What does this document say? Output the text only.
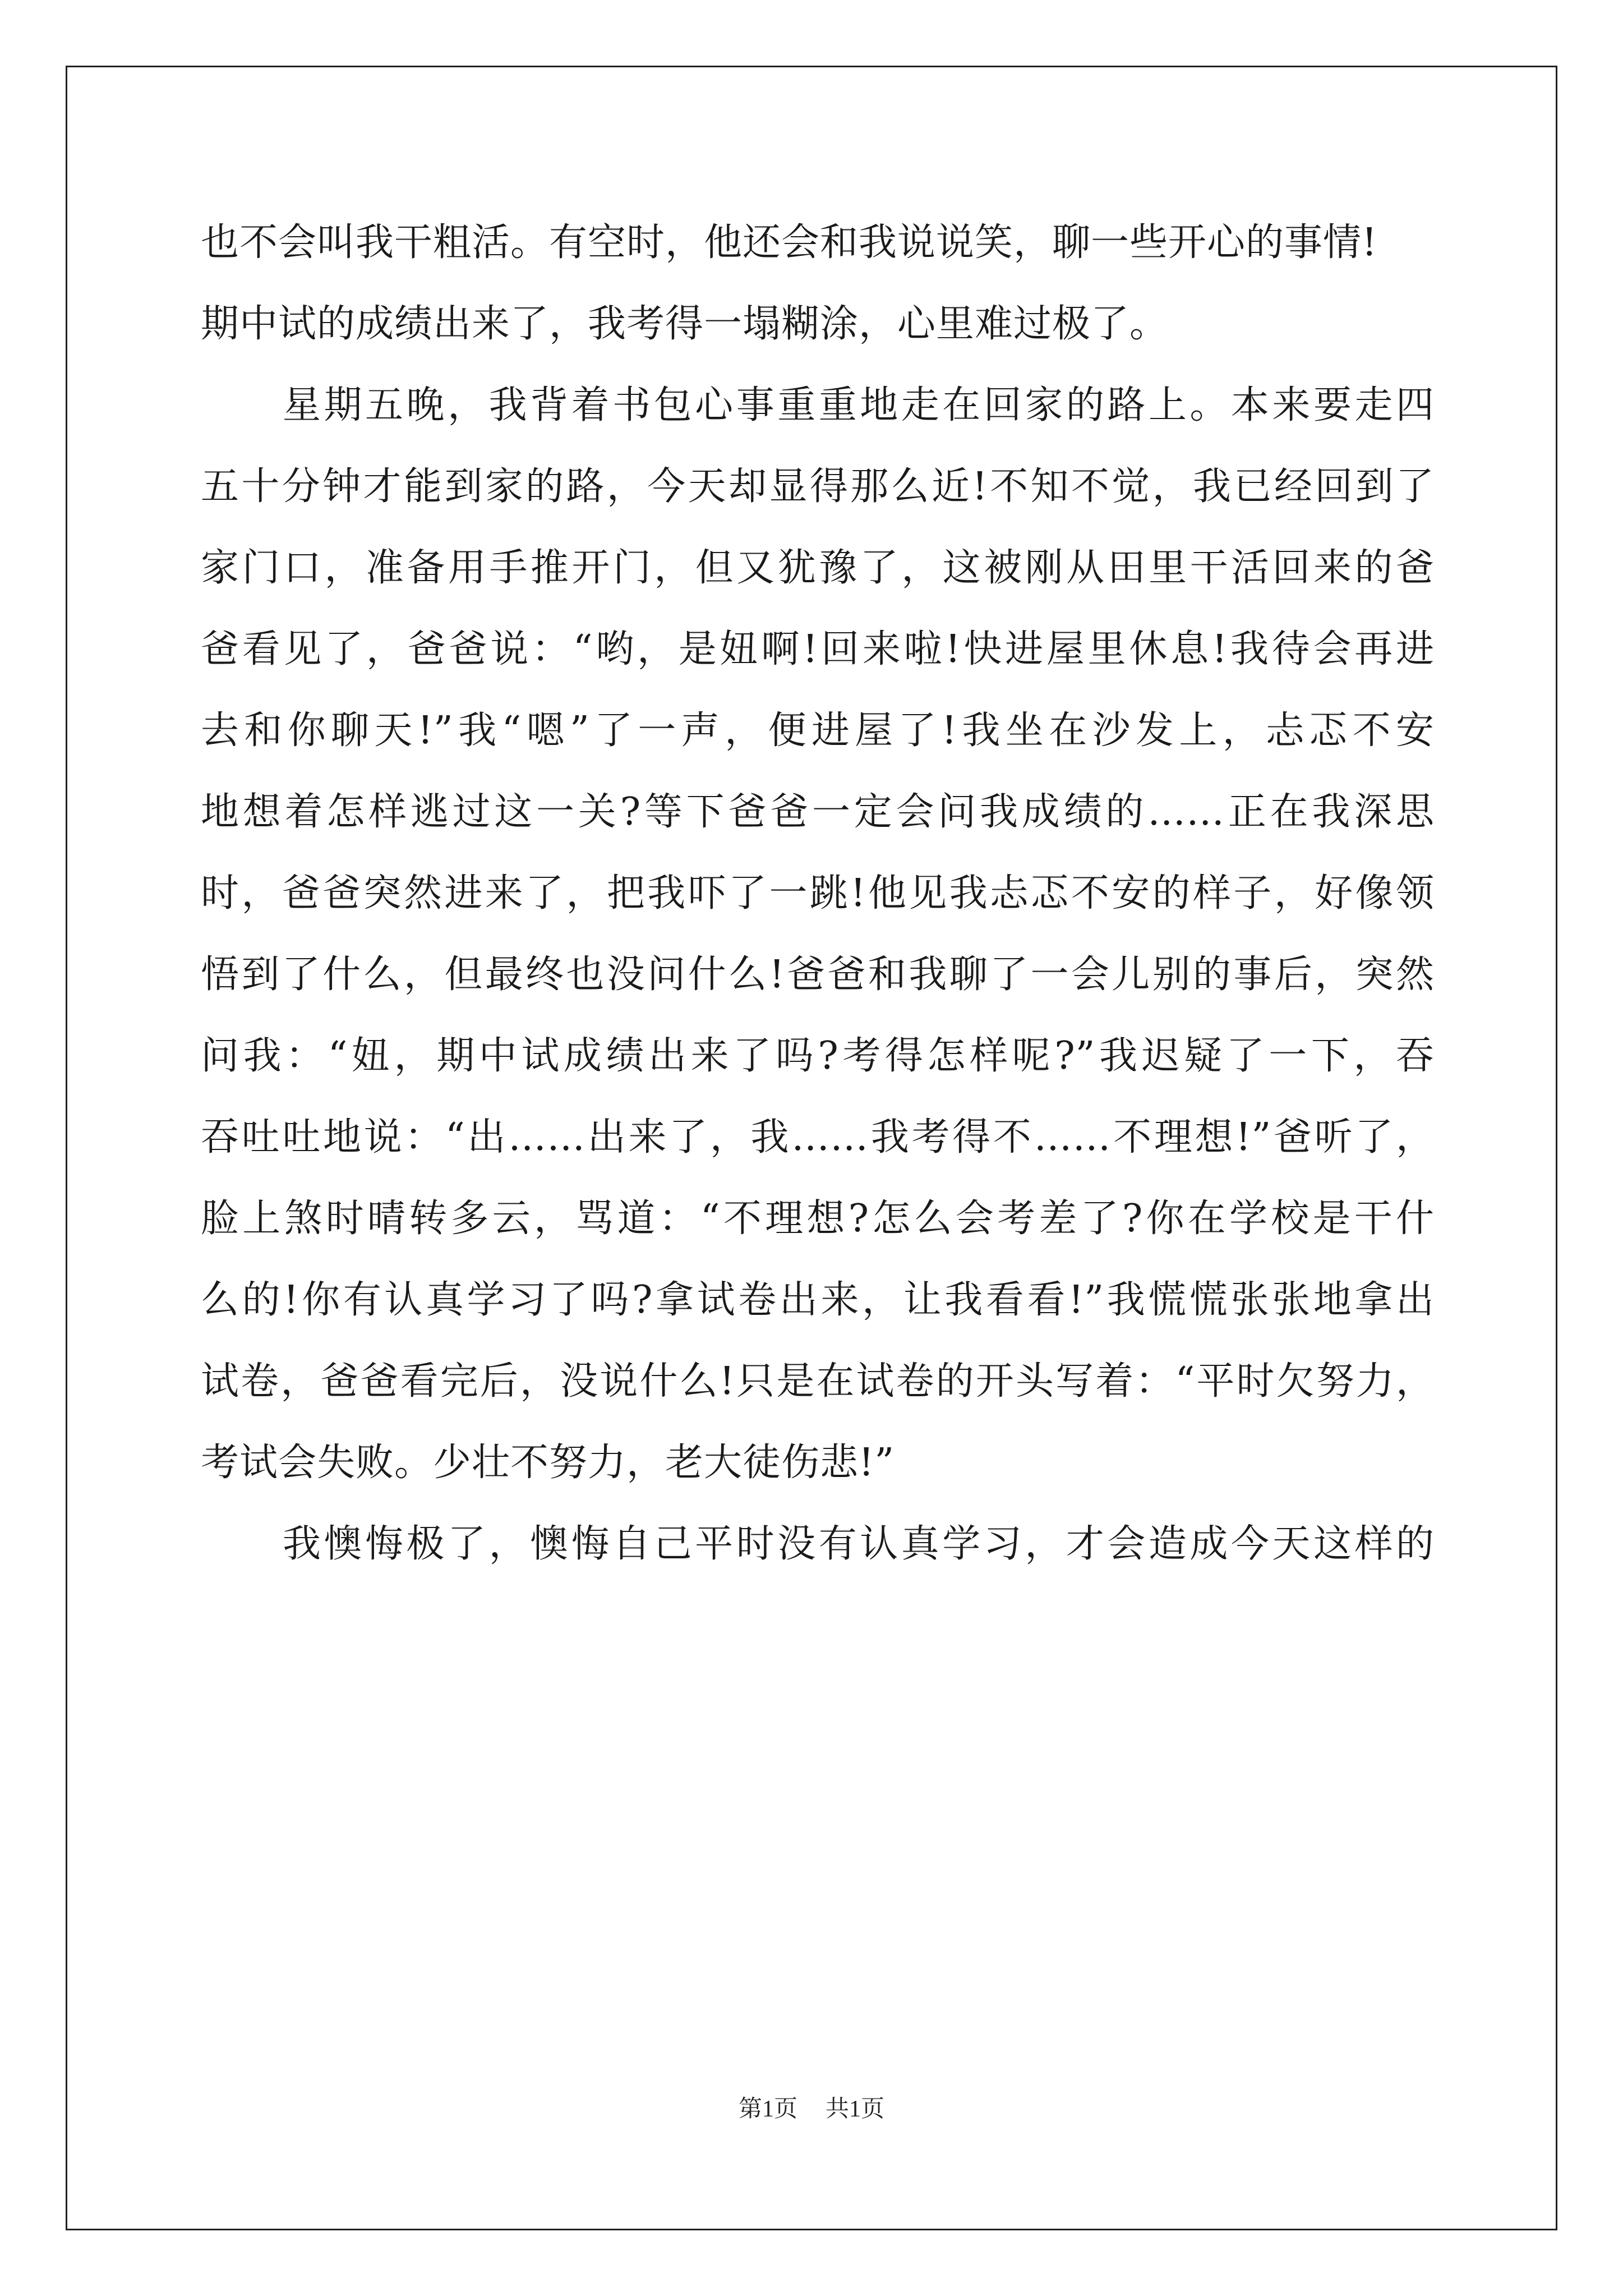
也不会叫我干粗活。有空时，他还会和我说说笑，聊一些开心的事情!
期中试的成绩出来了，我考得一塌糊涂，心里难过极了。
星期五晚，我背着书包心事重重地走在回家的路上。本来要走四
五十分钟才能到家的路，今天却显得那么近!不知不觉，我已经回到了
家门口，准备用手推开门，但又犹豫了，这被刚从田里干活回来的爸
爸看见了，爸爸说：“哟，是妞啊!回来啦!快进屋里休息!我待会再进
去和你聊天!”我“嗯”了一声，便进屋了!我坐在沙发上，忐忑不安
地想着怎样逃过这一关?等下爸爸一定会问我成绩的……正在我深思
时，爸爸突然进来了，把我吓了一跳!他见我忐忑不安的样子，好像领
悟到了什么，但最终也没问什么!爸爸和我聊了一会儿别的事后，突然
问我：“妞，期中试成绩出来了吗?考得怎样呢?”我迟疑了一下，吞
吞吐吐地说：“出……出来了，我……我考得不……不理想!”爸听了，
脸上煞时晴转多云，骂道：“不理想?怎么会考差了?你在学校是干什
么的!你有认真学习了吗?拿试卷出来，让我看看!”我慌慌张张地拿出
试卷，爸爸看完后，没说什么!只是在试卷的开头写着：“平时欠努力，
考试会失败。少壮不努力，老大徒伤悲!”
我懊悔极了，懊悔自己平时没有认真学习，才会造成今天这样的
第1页 共1页
